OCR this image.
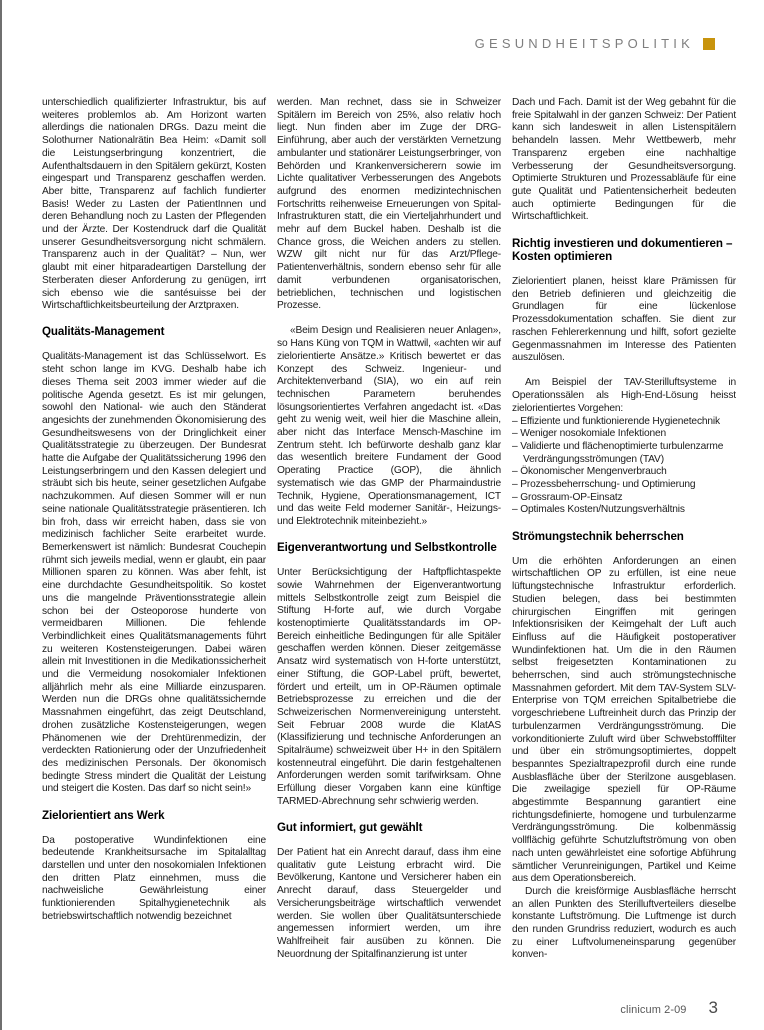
GESUNDHEITSPOLITIK

unterschiedlich qualifizierter Infrastruktur, bis auf weiteres problemlos ab. Am Horizont warten allerdings die nationalen DRGs. Dazu meint die Solothurner Nationalrätin Bea Heim: «Damit soll die Leistungserbringung konzentriert, die Aufenthaltsdauern in den Spitälern gekürzt, Kosten eingespart und Transparenz geschaffen werden. Aber bitte, Transparenz auf fachlich fundierter Basis! Weder zu Lasten der PatientInnen und deren Behandlung noch zu Lasten der Pflegenden und der Ärzte. Der Kostendruck darf die Qualität unserer Gesundheitsversorgung nicht schmälern. Transparenz auch in der Qualität? – Nun, wer glaubt mit einer hitparadeartigen Darstellung der Sterberaten dieser Anforderung zu genügen, irrt sich ebenso wie die santésuisse bei der Wirtschaftlichkeitsbeurteilung der Arztpraxen.

Qualitäts-Management

Qualitäts-Management ist das Schlüsselwort. Es steht schon lange im KVG. Deshalb habe ich dieses Thema seit 2003 immer wieder auf die politische Agenda gesetzt. Es ist mir gelungen, sowohl den National- wie auch den Ständerat angesichts der zunehmenden Ökonomisierung des Gesundheitswesens von der Dringlichkeit einer Qualitätsstrategie zu überzeugen. Der Bundesrat hatte die Aufgabe der Qualitätssicherung 1996 den Leistungserbringern und den Kassen delegiert und sträubt sich bis heute, seiner gesetzlichen Aufgabe nachzukommen. Auf diesen Sommer will er nun seine nationale Qualitätsstrategie präsentieren. Ich bin froh, dass wir erreicht haben, dass sie von medizinisch fachlicher Seite erarbeitet wurde. Bemerkenswert ist nämlich: Bundesrat Couchepin rühmt sich jeweils medial, wenn er glaubt, ein paar Millionen sparen zu können. Was aber fehlt, ist eine durchdachte Gesundheitspolitik. So kostet uns die mangelnde Präventionsstrategie allein schon bei der Osteoporose hunderte von vermeidbaren Millionen. Die fehlende Verbindlichkeit eines Qualitätsmanagements führt zu weiteren Kostensteigerungen. Dabei wären allein mit Investitionen in die Medikationssicherheit und die Vermeidung nosokomialer Infektionen alljährlich mehr als eine Milliarde einzusparen. Werden nun die DRGs ohne qualitätssichernde Massnahmen eingeführt, das zeigt Deutschland, drohen zusätzliche Kostensteigerungen, wegen Phänomenen wie der Drehtürenmedizin, der verdeckten Rationierung oder der Unzufriedenheit des medizinischen Personals. Der ökonomisch bedingte Stress mindert die Qualität der Leistung und steigert die Kosten. Das darf so nicht sein!»

Zielorientiert ans Werk

Da postoperative Wundinfektionen eine bedeutende Krankheitsursache im Spitalalltag darstellen und unter den nosokomialen Infektionen den dritten Platz einnehmen, muss die nachweisliche Gewährleistung einer funktionierenden Spitalhygienetechnik als betriebswirtschaftlich notwendig bezeichnet

werden. Man rechnet, dass sie in Schweizer Spitälern im Bereich von 25%, also relativ hoch liegt. Nun finden aber im Zuge der DRG-Einführung, aber auch der verstärkten Vernetzung ambulanter und stationärer Leistungserbringer, von Behörden und Krankenversicherern sowie im Lichte qualitativer Verbesserungen des Angebots aufgrund des enormen medizintechnischen Fortschritts reihenweise Erneuerungen von Spital-Infrastrukturen statt, die ein Vierteljahrhundert und mehr auf dem Buckel haben. Deshalb ist die Chance gross, die Weichen anders zu stellen. WZW gilt nicht nur für das Arzt/Pflege-Patientenverhältnis, sondern ebenso sehr für alle damit verbundenen organisatorischen, betrieblichen, technischen und logistischen Prozesse.

«Beim Design und Realisieren neuer Anlagen», so Hans Küng von TQM in Wattwil, «achten wir auf zielorientierte Ansätze.» Kritisch bewertet er das Konzept des Schweiz. Ingenieur- und Architektenverband (SIA), wo ein auf rein technischen Parametern beruhendes lösungsorientiertes Verfahren angedacht ist. «Das geht zu wenig weit, weil hier die Maschine allein, aber nicht das Interface Mensch-Maschine im Zentrum steht. Ich befürworte deshalb ganz klar das wesentlich breitere Fundament der Good Operating Practice (GOP), die ähnlich systematisch wie das GMP der Pharmaindustrie Technik, Hygiene, Operationsmanagement, ICT und das weite Feld moderner Sanitär-, Heizungs- und Elektrotechnik miteinbezieht.»

Eigenverantwortung und Selbstkontrolle

Unter Berücksichtigung der Haftpflichtaspekte sowie Wahrnehmen der Eigenverantwortung mittels Selbstkontrolle zeigt zum Beispiel die Stiftung H-forte auf, wie durch Vorgabe kostenoptimierte Qualitätsstandards im OP-Bereich einheitliche Bedingungen für alle Spitäler geschaffen werden können. Dieser zeitgemässe Ansatz wird systematisch von H-forte unterstützt, einer Stiftung, die GOP-Label prüft, bewertet, fördert und erteilt, um in OP-Räumen optimale Betriebsprozesse zu erreichen und die der Schweizerischen Normenvereinigung untersteht. Seit Februar 2008 wurde die KlatAS (Klassifizierung und technische Anforderungen an Spitalräume) schweizweit über H+ in den Spitälern kostenneutral eingeführt. Die darin festgehaltenen Anforderungen werden somit tarifwirksam. Ohne Erfüllung dieser Vorgaben kann eine künftige TARMED-Abrechnung sehr schwierig werden.

Gut informiert, gut gewählt

Der Patient hat ein Anrecht darauf, dass ihm eine qualitativ gute Leistung erbracht wird. Die Bevölkerung, Kantone und Versicherer haben ein Anrecht darauf, dass Steuergelder und Versicherungsbeiträge wirtschaftlich verwendet werden. Sie wollen über Qualitätsunterschiede angemessen informiert werden, um ihre Wahlfreiheit fair ausüben zu können. Die Neuordnung der Spitalfinanzierung ist unter

Dach und Fach. Damit ist der Weg gebahnt für die freie Spitalwahl in der ganzen Schweiz: Der Patient kann sich landesweit in allen Listenspitälern behandeln lassen. Mehr Wettbewerb, mehr Transparenz ergeben eine nachhaltige Verbesserung der Gesundheitsversorgung. Optimierte Strukturen und Prozessabläufe für eine gute Qualität und Patientensicherheit bedeuten auch optimierte Bedingungen für die Wirtschaftlichkeit.

Richtig investieren und dokumentieren – Kosten optimieren

Zielorientiert planen, heisst klare Prämissen für den Betrieb definieren und gleichzeitig die Grundlagen für eine lückenlose Prozessdokumentation schaffen. Sie dient zur raschen Fehlererkennung und hilft, sofort gezielte Gegenmassnahmen im Interesse des Patienten auszulösen.

Am Beispiel der TAV-Sterilluftsysteme in Operationssälen als High-End-Lösung heisst zielorientiertes Vorgehen:

– Effiziente und funktionierende Hygienetechnik
– Weniger nosokomiale Infektionen
– Validierte und flächenoptimierte turbulenzarme Verdrängungsströmungen (TAV)
– Ökonomischer Mengenverbrauch
– Prozessbeherrschung- und Optimierung
– Grossraum-OP-Einsatz
– Optimales Kosten/Nutzungsverhältnis
Strömungstechnik beherrschen

Um die erhöhten Anforderungen an einen wirtschaftlichen OP zu erfüllen, ist eine neue lüftungstechnische Infrastruktur erforderlich. Studien belegen, dass bei bestimmten chirurgischen Eingriffen mit geringen Infektionsrisiken der Keimgehalt der Luft auch Einfluss auf die Häufigkeit postoperativer Wundinfektionen hat. Um die in den Räumen selbst freigesetzten Kontaminationen zu beherrschen, sind auch strömungstechnische Massnahmen gefordert. Mit dem TAV-System SLV-Enterprise von TQM erreichen Spitalbetriebe die vorgeschriebene Luftreinheit durch das Prinzip der turbulenzarmen Verdrängungsströmung. Die vorkonditionierte Zuluft wird über Schwebstofffilter und über ein strömungsoptimiertes, doppelt bespanntes Spezialtrapezprofil durch eine runde Ausblasfläche über der Sterilzone ausgeblasen. Die zweilagige speziell für OP-Räume abgestimmte Bespannung garantiert eine richtungsdefinierte, homogene und turbulenzarme Verdrängungsströmung. Die kolbenmässig vollflächig geführte Schutzluftströmung von oben nach unten gewährleistet eine sofortige Abführung sämtlicher Verunreinigungen, Partikel und Keime aus dem Operationsbereich.

Durch die kreisförmige Ausblasfläche herrscht an allen Punkten des Sterilluftverteilers dieselbe konstante Luftströmung. Die Luftmenge ist durch den runden Grundriss reduziert, wodurch es auch zu einer Luftvolumeneinsparung gegenüber konven-

clinicum 2-09 3
